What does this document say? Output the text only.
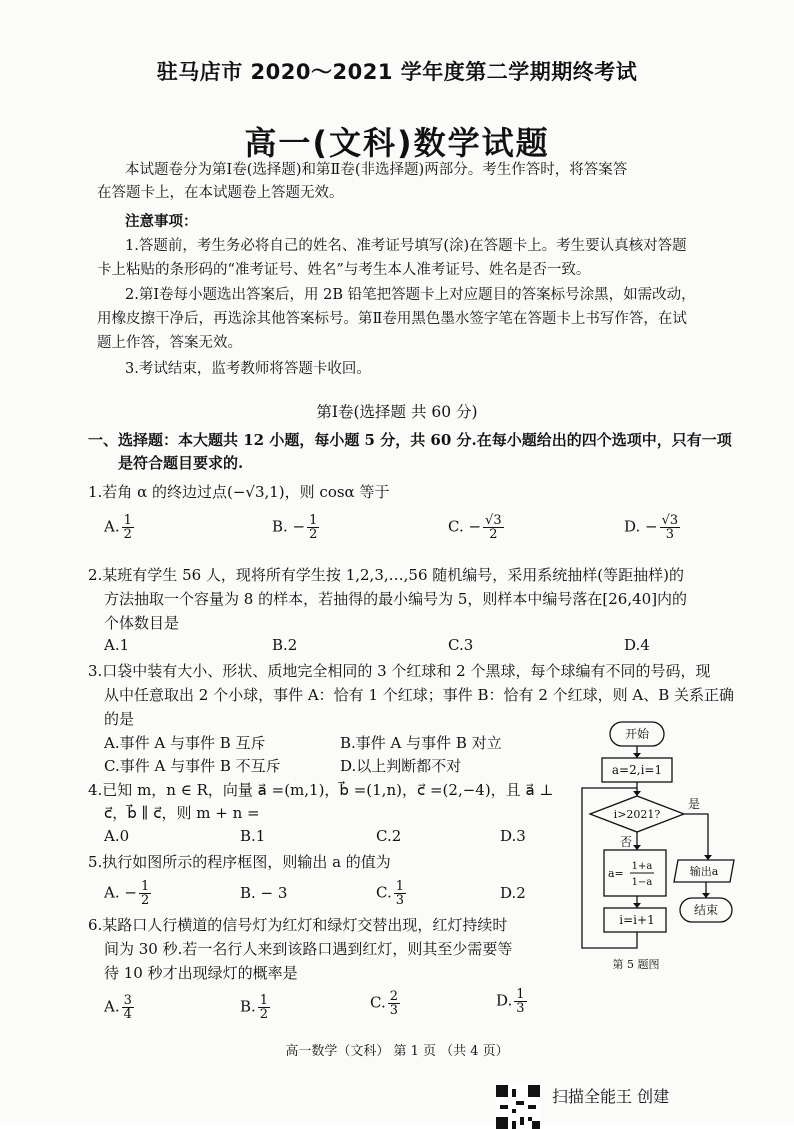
驻马店市 2020～2021 学年度第二学期期终考试
高一(文科)数学试题
本试题卷分为第Ⅰ卷(选择题)和第Ⅱ卷(非选择题)两部分。考生作答时，将答案答
在答题卡上，在本试题卷上答题无效。
注意事项：
1.答题前，考生务必将自己的姓名、准考证号填写(涂)在答题卡上。考生要认真核对答题
卡上粘贴的条形码的“准考证号、姓名”与考生本人准考证号、姓名是否一致。
2.第Ⅰ卷每小题选出答案后，用 2B 铅笔把答题卡上对应题目的答案标号涂黑，如需改动，
用橡皮擦干净后，再选涂其他答案标号。第Ⅱ卷用黑色墨水签字笔在答题卡上书写作答，在试
题上作答，答案无效。
3.考试结束，监考教师将答题卡收回。
第Ⅰ卷(选择题 共 60 分)
一、选择题：本大题共 12 小题，每小题 5 分，共 60 分.在每小题给出的四个选项中，只有一项
是符合题目要求的.
1.若角 α 的终边过点(−√3,1)，则 cosα 等于
A. $\frac{1}{2}$	B. − $\frac{1}{2}$	C. − $\frac{√3}{2}$	D. − $\frac{√3}{3}$
2.某班有学生 56 人，现将所有学生按 1,2,3,…,56 随机编号，采用系统抽样(等距抽样)的
方法抽取一个容量为 8 的样本，若抽得的最小编号为 5，则样本中编号落在[26,40]内的
个体数目是
A.1	B.2	C.3	D.4
3.口袋中装有大小、形状、质地完全相同的 3 个红球和 2 个黑球，每个球编有不同的号码，现
从中任意取出 2 个小球，事件 A：恰有 1 个红球；事件 B：恰有 2 个红球，则 A、B 关系正确
的是
A.事件 A 与事件 B 互斥	B.事件 A 与事件 B 对立
C.事件 A 与事件 B 不互斥	D.以上判断都不对
4.已知 m，n ∈ R，向量 a⃗ =(m,1)，b⃗ =(1,n)，c⃗ =(2,−4)，且 a⃗ ⊥
c⃗，b⃗ ∥ c⃗，则 m + n =
A.0	B.1	C.2	D.3
5.执行如图所示的程序框图，则输出 a 的值为
A. − $\frac{1}{2}$	B. − 3	C. $\frac{1}{3}$	D.2
6.某路口人行横道的信号灯为红灯和绿灯交替出现，红灯持续时
间为 30 秒.若一名行人来到该路口遇到红灯，则其至少需要等
待 10 秒才出现绿灯的概率是
A. $\frac{3}{4}$	B. $\frac{1}{2}$	C. $\frac{2}{3}$	D. $\frac{1}{3}$
开始
a=2,i=1
i>2021?
是
否
a=
1+a
1−a
i=i+1
输出a
结束
第 5 题图
高一数学（文科） 第 1 页 （共 4 页）
扫描全能王 创建
